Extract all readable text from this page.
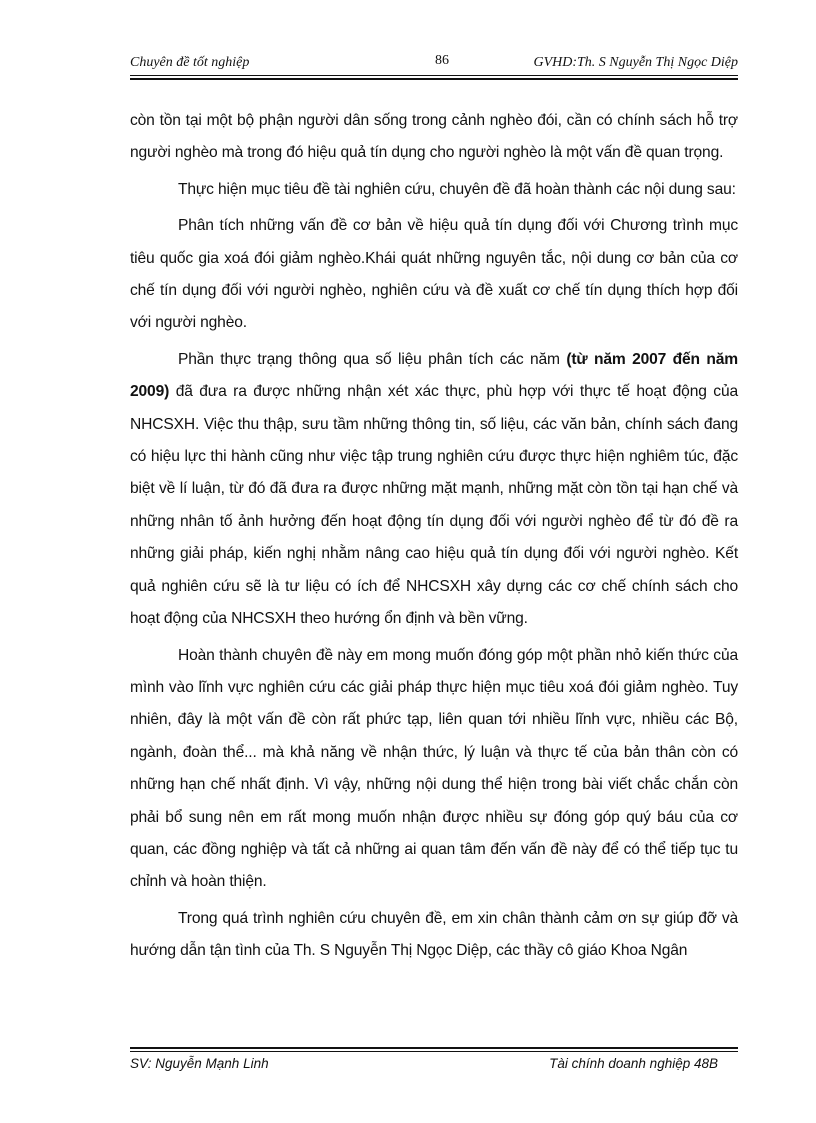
Chuyên đề tốt nghiệp	86	GVHD:Th. S Nguyễn Thị Ngọc Diệp

còn tồn tại một bộ phận người dân sống trong cảnh nghèo đói, cần có chính sách hỗ trợ người nghèo mà trong đó hiệu quả tín dụng cho người nghèo là một vấn đề quan trọng.

Thực hiện mục tiêu đề tài nghiên cứu, chuyên đề đã hoàn thành các nội dung sau:

Phân tích những vấn đề cơ bản về hiệu quả tín dụng đối với Chương trình mục tiêu quốc gia xoá đói giảm nghèo.Khái quát những nguyên tắc, nội dung cơ bản của cơ chế tín dụng đối với người nghèo, nghiên cứu và đề xuất cơ chế tín dụng thích hợp đối với người nghèo.

Phần thực trạng thông qua số liệu phân tích các năm (từ năm 2007 đến năm 2009) đã đưa ra được những nhận xét xác thực, phù hợp với thực tế hoạt động của NHCSXH. Việc thu thập, sưu tầm những thông tin, số liệu, các văn bản, chính sách đang có hiệu lực thi hành cũng như việc tập trung nghiên cứu được thực hiện nghiêm túc, đặc biệt về lí luận, từ đó đã đưa ra được những mặt mạnh, những mặt còn tồn tại hạn chế và những nhân tố ảnh hưởng đến hoạt động tín dụng đối với người nghèo để từ đó đề ra những giải pháp, kiến nghị nhằm nâng cao hiệu quả tín dụng đối với người nghèo. Kết quả nghiên cứu sẽ là tư liệu có ích để NHCSXH xây dựng các cơ chế chính sách cho hoạt động của NHCSXH theo hướng ổn định và bền vững.

Hoàn thành chuyên đề này em mong muốn đóng góp một phần nhỏ kiến thức của mình vào lĩnh vực nghiên cứu các giải pháp thực hiện mục tiêu xoá đói giảm nghèo. Tuy nhiên, đây là một vấn đề còn rất phức tạp, liên quan tới nhiều lĩnh vực, nhiều các Bộ, ngành, đoàn thể... mà khả năng về nhận thức, lý luận và thực tế của bản thân còn có những hạn chế nhất định. Vì vậy, những nội dung thể hiện trong bài viết chắc chắn còn phải bổ sung nên em rất mong muốn nhận được nhiều sự đóng góp quý báu của cơ quan, các đồng nghiệp và tất cả những ai quan tâm đến vấn đề này để có thể tiếp tục tu chỉnh và hoàn thiện.

Trong quá trình nghiên cứu chuyên đề, em xin chân thành cảm ơn sự giúp đỡ và hướng dẫn tận tình của Th. S Nguyễn Thị Ngọc Diệp, các thầy cô giáo Khoa Ngân

SV: Nguyễn Mạnh Linh	Tài chính doanh nghiệp 48B
